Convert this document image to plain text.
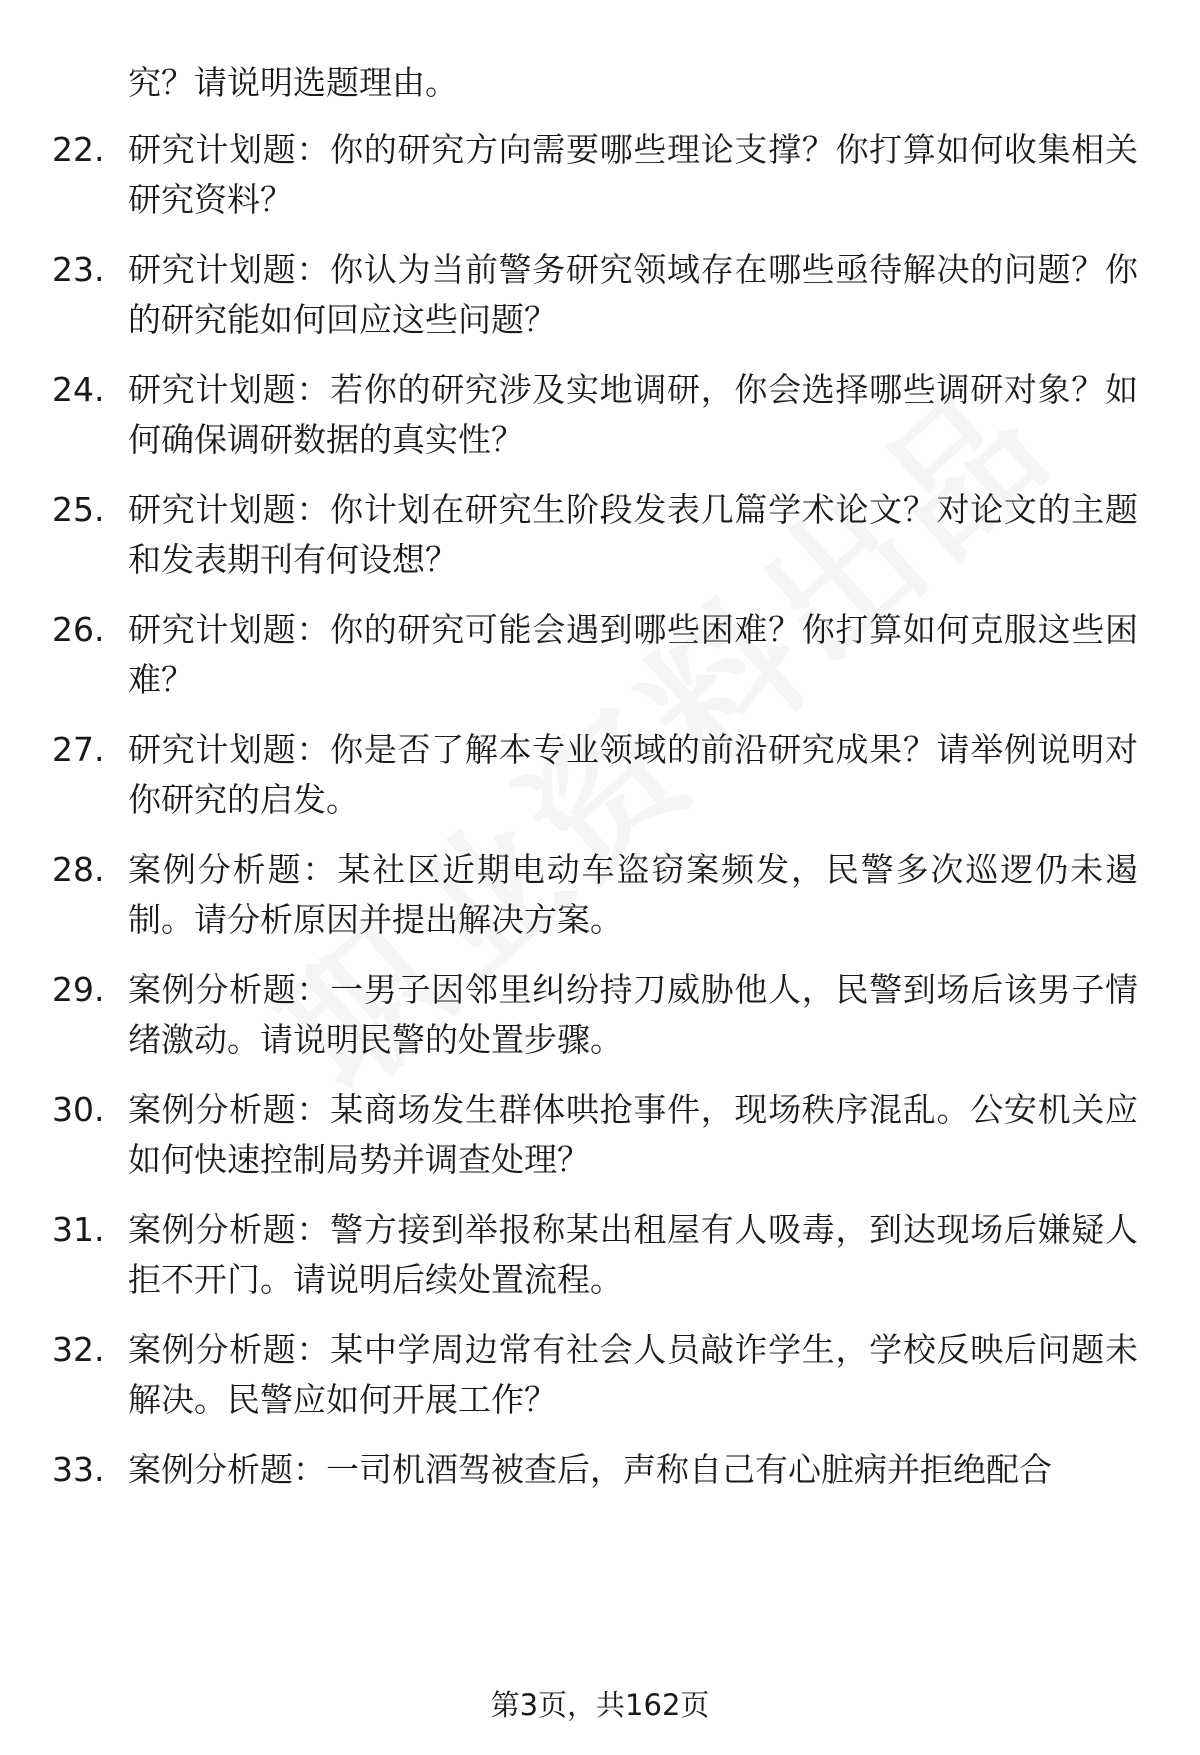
究？请说明选题理由。
22. 研究计划题：你的研究方向需要哪些理论支撑？你打算如何收集相关研究资料？
23. 研究计划题：你认为当前警务研究领域存在哪些亟待解决的问题？你的研究能如何回应这些问题？
24. 研究计划题：若你的研究涉及实地调研，你会选择哪些调研对象？如何确保调研数据的真实性？
25. 研究计划题：你计划在研究生阶段发表几篇学术论文？对论文的主题和发表期刊有何设想？
26. 研究计划题：你的研究可能会遇到哪些困难？你打算如何克服这些困难？
27. 研究计划题：你是否了解本专业领域的前沿研究成果？请举例说明对你研究的启发。
28. 案例分析题：某社区近期电动车盗窃案频发，民警多次巡逻仍未遏制。请分析原因并提出解决方案。
29. 案例分析题：一男子因邻里纠纷持刀威胁他人，民警到场后该男子情绪激动。请说明民警的处置步骤。
30. 案例分析题：某商场发生群体哄抢事件，现场秩序混乱。公安机关应如何快速控制局势并调查处理？
31. 案例分析题：警方接到举报称某出租屋有人吸毒，到达现场后嫌疑人拒不开门。请说明后续处置流程。
32. 案例分析题：某中学周边常有社会人员敲诈学生，学校反映后问题未解决。民警应如何开展工作？
33. 案例分析题：一司机酒驾被查后，声称自己有心脏病并拒绝配合
第3页，共162页
